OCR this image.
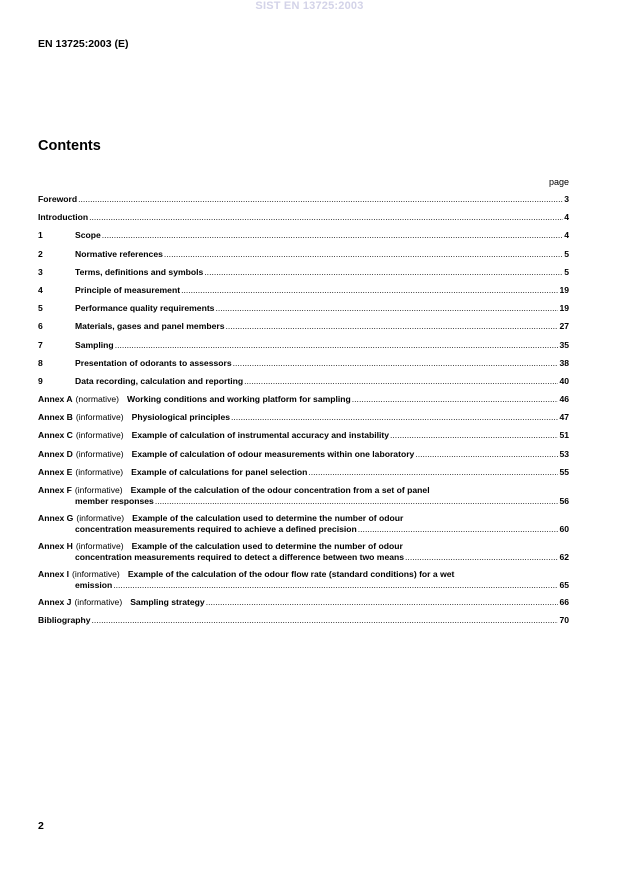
SIST EN 13725:2003
EN 13725:2003 (E)
Contents
page
Foreword .....	3
Introduction .....	4
1	Scope .....	4
2	Normative references .....	5
3	Terms, definitions and symbols .....	5
4	Principle of measurement .....	19
5	Performance quality requirements .....	19
6	Materials, gases and panel members .....	27
7	Sampling .....	35
8	Presentation of odorants to assessors .....	38
9	Data recording, calculation and reporting .....	40
Annex A (normative) Working conditions and working platform for sampling .....	46
Annex B (informative) Physiological principles .....	47
Annex C (informative) Example of calculation of instrumental accuracy and instability .....	51
Annex D (informative) Example of calculation of odour measurements within one laboratory .....	53
Annex E (informative) Example of calculations for panel selection .....	55
Annex F (informative) Example of the calculation of the odour concentration from a set of panel
member responses .....	56
Annex G (informative) Example of the calculation used to determine the number of odour
concentration measurements required to achieve a defined precision .....	60
Annex H (informative) Example of the calculation used to determine the number of odour
concentration measurements required to detect a difference between two means .....	62
Annex I (informative) Example of the calculation of the odour flow rate (standard conditions) for a wet
emission .....	65
Annex J (informative) Sampling strategy .....	66
Bibliography .....	70
2
